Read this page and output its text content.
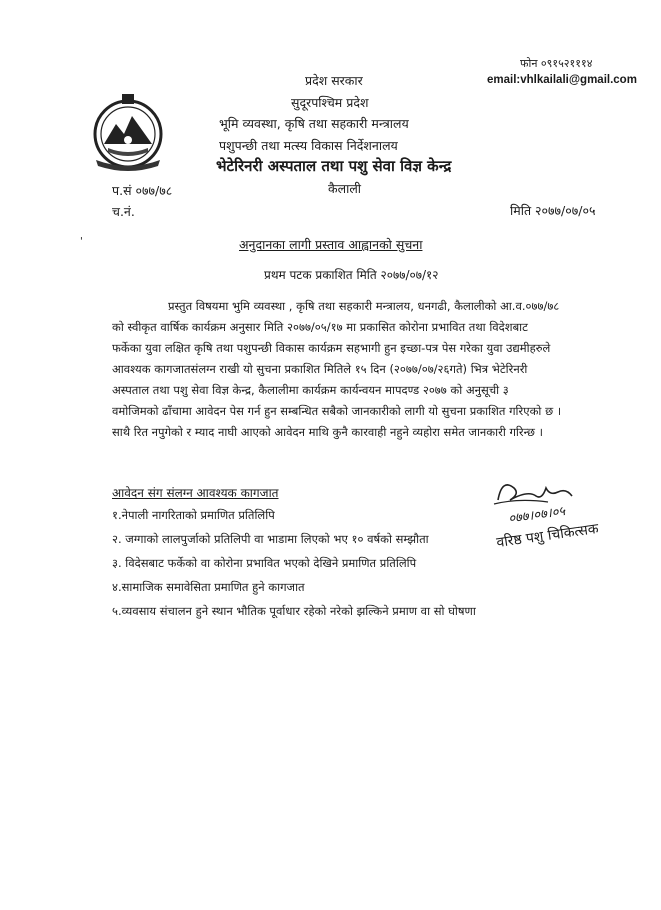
फोन ०९१५२१११४
email:vhlkailali@gmail.com
प्रदेश सरकार
सुदूरपश्चिम प्रदेश
भूमि व्यवस्था, कृषि तथा सहकारी मन्त्रालय
पशुपन्छी तथा मत्स्य विकास निर्देशनालय
भेटेरिनरी अस्पताल तथा पशु सेवा विज्ञ केन्द्र
कैलाली
प.सं ०७७/७८
च.नं.	मिति २०७७/०७/०५
'	अनुदानका लागी प्रस्ताव आह्वानको सुचना
प्रथम पटक प्रकाशित मिति २०७७/०७/१२
प्रस्तुत विषयमा भुमि व्यवस्था , कृषि तथा सहकारी मन्त्रालय, धनगढी, कैलालीको आ.व.०७७/७८
को स्वीकृत वार्षिक कार्यक्रम अनुसार मिति २०७७/०५/१७ मा प्रकासित कोरोना प्रभावित तथा विदेशबाट
फर्केका युवा लक्षित कृषि तथा पशुपन्छी विकास कार्यक्रम सहभागी हुन इच्छा-पत्र पेस गरेका युवा उद्यमीहरुले
आवश्यक कागजातसंलग्न राखी यो सुचना प्रकाशित मितिले १५ दिन (२०७७/०७/२६गते) भित्र भेटेरिनरी
अस्पताल तथा पशु सेवा विज्ञ केन्द्र, कैलालीमा कार्यक्रम कार्यन्वयन मापदण्ड २०७७ को अनुसूची ३
वमोजिमको ढाँचामा आवेदन पेस गर्न हुन सम्बन्धित सबैको जानकारीको लागी यो सुचना प्रकाशित गरिएको छ ।
साथै रित नपुगेको र म्याद नाघी आएको आवेदन माथि कुनै कारवाही नहुने व्यहोरा समेत जानकारी गरिन्छ ।
आवेदन संग संलग्न आवश्यक कागजात
१.नेपाली नागरिताको प्रमाणित प्रतिलिपि
२. जग्गाको लालपुर्जाको प्रतिलिपी वा भाडामा लिएको भए १० वर्षको सम्झौता
३. विदेसबाट फर्केको वा कोरोना प्रभावित भएको देखिने प्रमाणित प्रतिलिपि
४.सामाजिक समावेसिता प्रमाणित हुने कागजात
५.व्यवसाय संचालन हुने स्थान भौतिक पूर्वाधार रहेको नरेको झल्किने प्रमाण वा सो घोषणा
०७७।०७।०५
वरिष्ठ पशु चिकित्सक
